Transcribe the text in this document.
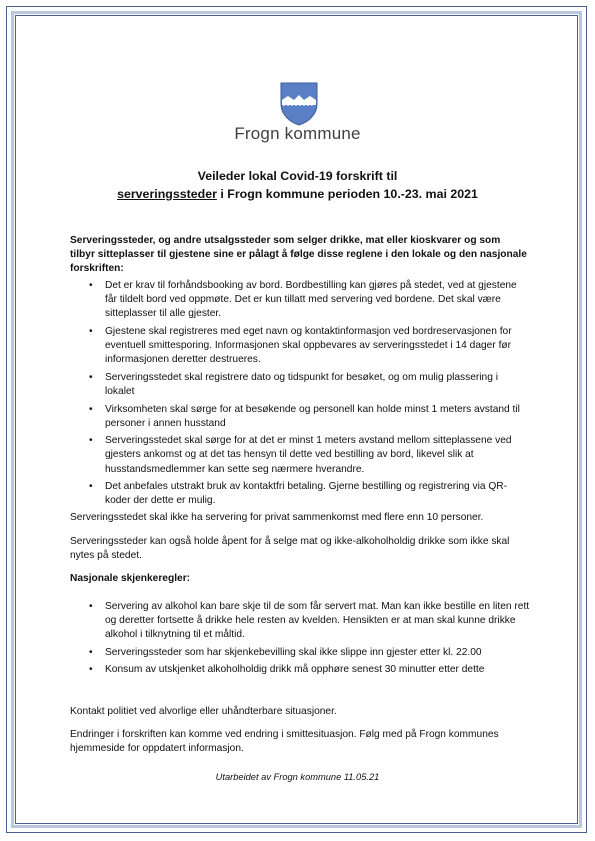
Frogn kommune
Veileder lokal Covid-19 forskrift til
serveringssteder i Frogn kommune perioden 10.-23. mai 2021
Serveringssteder, og andre utsalgssteder som selger drikke, mat eller kioskvarer og som tilbyr sitteplasser til gjestene sine er pålagt å følge disse reglene i den lokale og den nasjonale forskriften:
• Det er krav til forhåndsbooking av bord. Bordbestilling kan gjøres på stedet, ved at gjestene får tildelt bord ved oppmøte. Det er kun tillatt med servering ved bordene. Det skal være sitteplasser til alle gjester.
• Gjestene skal registreres med eget navn og kontaktinformasjon ved bordreservasjonen for eventuell smittesporing. Informasjonen skal oppbevares av serveringsstedet i 14 dager før informasjonen deretter destrueres.
• Serveringsstedet skal registrere dato og tidspunkt for besøket, og om mulig plassering i lokalet
• Virksomheten skal sørge for at besøkende og personell kan holde minst 1 meters avstand til personer i annen husstand
• Serveringsstedet skal sørge for at det er minst 1 meters avstand mellom sitteplassene ved gjesters ankomst og at det tas hensyn til dette ved bestilling av bord, likevel slik at husstandsmedlemmer kan sette seg nærmere hverandre.
• Det anbefales utstrakt bruk av kontaktfri betaling. Gjerne bestilling og registrering via QR-koder der dette er mulig.
Serveringsstedet skal ikke ha servering for privat sammenkomst med flere enn 10 personer.
Serveringssteder kan også holde åpent for å selge mat og ikke-alkoholholdig drikke som ikke skal nytes på stedet.
Nasjonale skjenkeregler:
• Servering av alkohol kan bare skje til de som får servert mat. Man kan ikke bestille en liten rett og deretter fortsette å drikke hele resten av kvelden. Hensikten er at man skal kunne drikke alkohol i tilknytning til et måltid.
• Serveringssteder som har skjenkebevilling skal ikke slippe inn gjester etter kl. 22.00
• Konsum av utskjenket alkoholholdig drikk må opphøre senest 30 minutter etter dette
Kontakt politiet ved alvorlige eller uhåndterbare situasjoner.
Endringer i forskriften kan komme ved endring i smittesituasjon. Følg med på Frogn kommunes hjemmeside for oppdatert informasjon.
Utarbeidet av Frogn kommune 11.05.21
